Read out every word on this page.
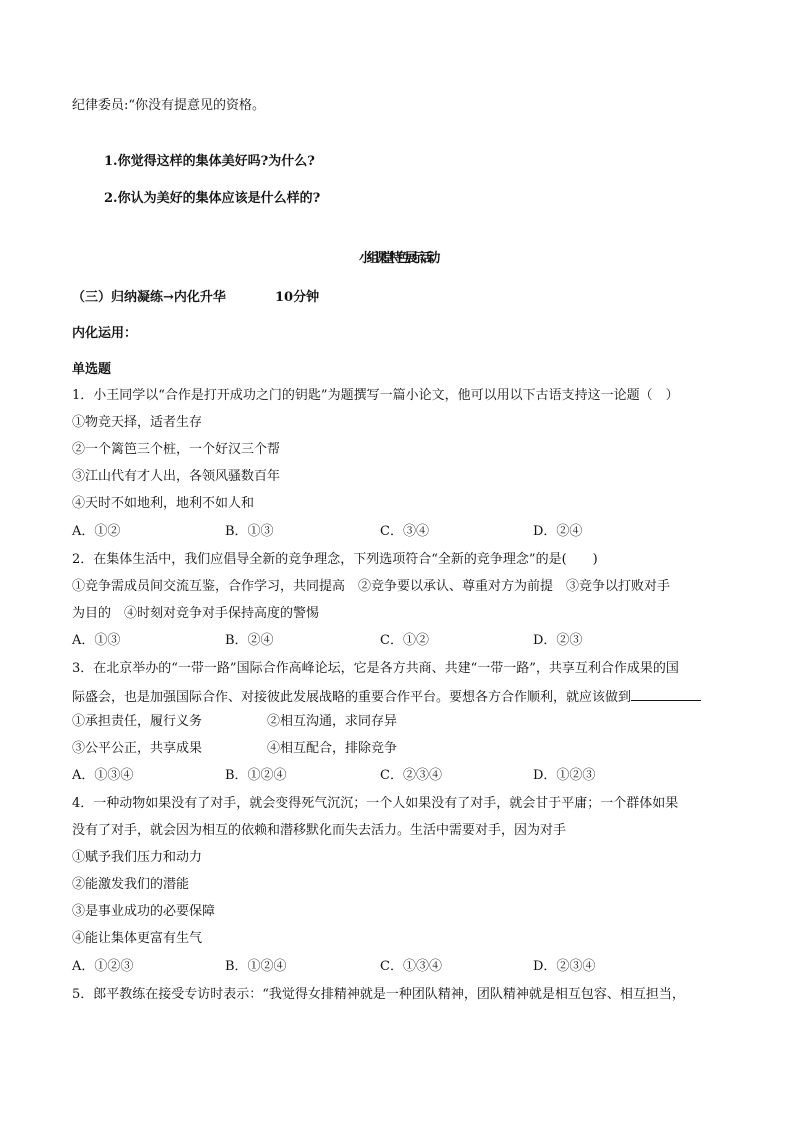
纪律委员:“你没有提意见的资格。
1.你觉得这样的集体美好吗?为什么?
2.你认为美好的集体应该是什么样的?
小组课堂特色展示活动
（三）归纳凝练→内化升华	10分钟
内化运用：
单选题
1．小王同学以“合作是打开成功之门的钥匙”为题撰写一篇小论文，他可以用以下古语支持这一论题（　）
①物竞天择，适者生存
②一个篱笆三个桩，一个好汉三个帮
③江山代有才人出，各领风骚数百年
④天时不如地利，地利不如人和
A．①②	B．①③	C．③④	D．②④
2．在集体生活中，我们应倡导全新的竞争理念，下列选项符合“全新的竞争理念”的是(　　)
①竞争需成员间交流互鉴，合作学习，共同提高　②竞争要以承认、尊重对方为前提　③竞争以打败对手
为目的　④时刻对竞争对手保持高度的警惕
A．①③	B．②④	C．①②	D．②③
3．在北京举办的“一带一路”国际合作高峰论坛，它是各方共商、共建“一带一路”，共享互利合作成果的国
际盛会，也是加强国际合作、对接彼此发展战略的重要合作平台。要想各方合作顺利，就应该做到
①承担责任，履行义务	②相互沟通，求同存异
③公平公正，共享成果	④相互配合，排除竞争
A．①③④	B．①②④	C．②③④	D．①②③
4．一种动物如果没有了对手，就会变得死气沉沉；一个人如果没有了对手，就会甘于平庸；一个群体如果
没有了对手，就会因为相互的依赖和潜移默化而失去活力。生活中需要对手，因为对手
①赋予我们压力和动力
②能激发我们的潜能
③是事业成功的必要保障
④能让集体更富有生气
A．①②③	B．①②④	C．①③④	D．②③④
5．郎平教练在接受专访时表示：“我觉得女排精神就是一种团队精神，团队精神就是相互包容、相互担当，
